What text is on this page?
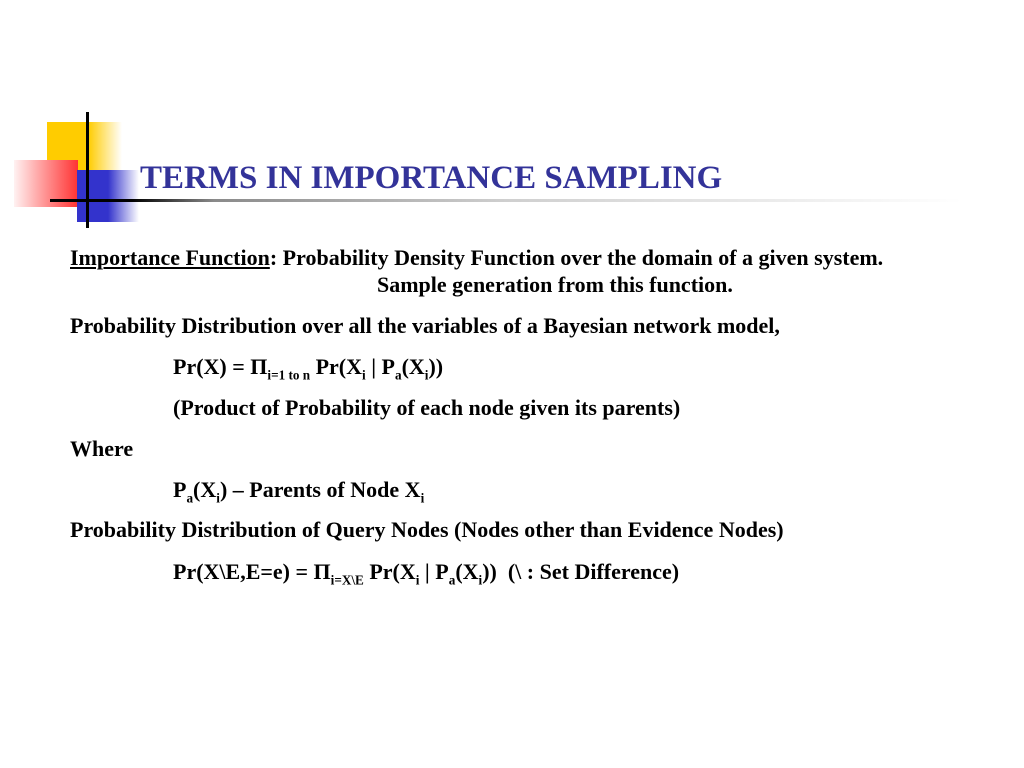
TERMS IN IMPORTANCE SAMPLING
Importance Function: Probability Density Function over the domain of a given system.
Sample generation from this function.
Probability Distribution over all the variables of a Bayesian network model,
$Pr(X) = \Pi_{i=1 to n}$ $Pr(X_i$ | $P_a(X_i)$)
(Product of Probability of each node given its parents)
Where
$P_a(X_i)$ – Parents of Node $X_i$
Probability Distribution of Query Nodes (Nodes other than Evidence Nodes)
Pr(X\E,E=e) = $\Pi_{i=X\backslash E}$ $Pr(X_i$ | $P_a(X_i)$)  (\ : Set Difference)
